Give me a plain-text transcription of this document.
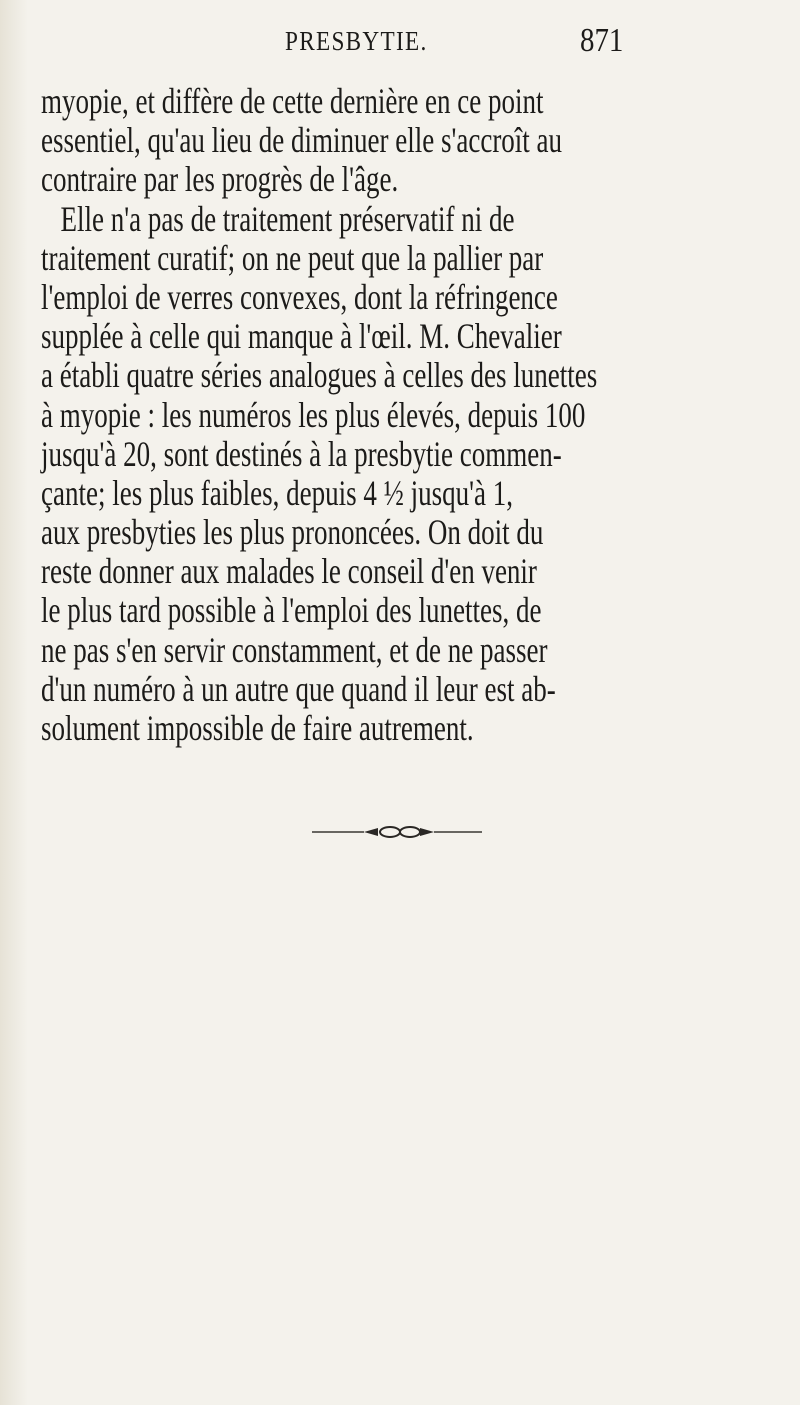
PRESBYTIE.	871
myopie, et diffère de cette dernière en ce point
essentiel, qu'au lieu de diminuer elle s'accroît au
contraire par les progrès de l'âge.
Elle n'a pas de traitement préservatif ni de
traitement curatif; on ne peut que la pallier par
l'emploi de verres convexes, dont la réfringence
supplée à celle qui manque à l'œil. M. Chevalier
a établi quatre séries analogues à celles des lunettes
à myopie : les numéros les plus élevés, depuis 100
jusqu'à 20, sont destinés à la presbytie commen-
çante; les plus faibles, depuis 4 ½ jusqu'à 1,
aux presbyties les plus prononcées. On doit du
reste donner aux malades le conseil d'en venir
le plus tard possible à l'emploi des lunettes, de
ne pas s'en servir constamment, et de ne passer
d'un numéro à un autre que quand il leur est ab-
solument impossible de faire autrement.
